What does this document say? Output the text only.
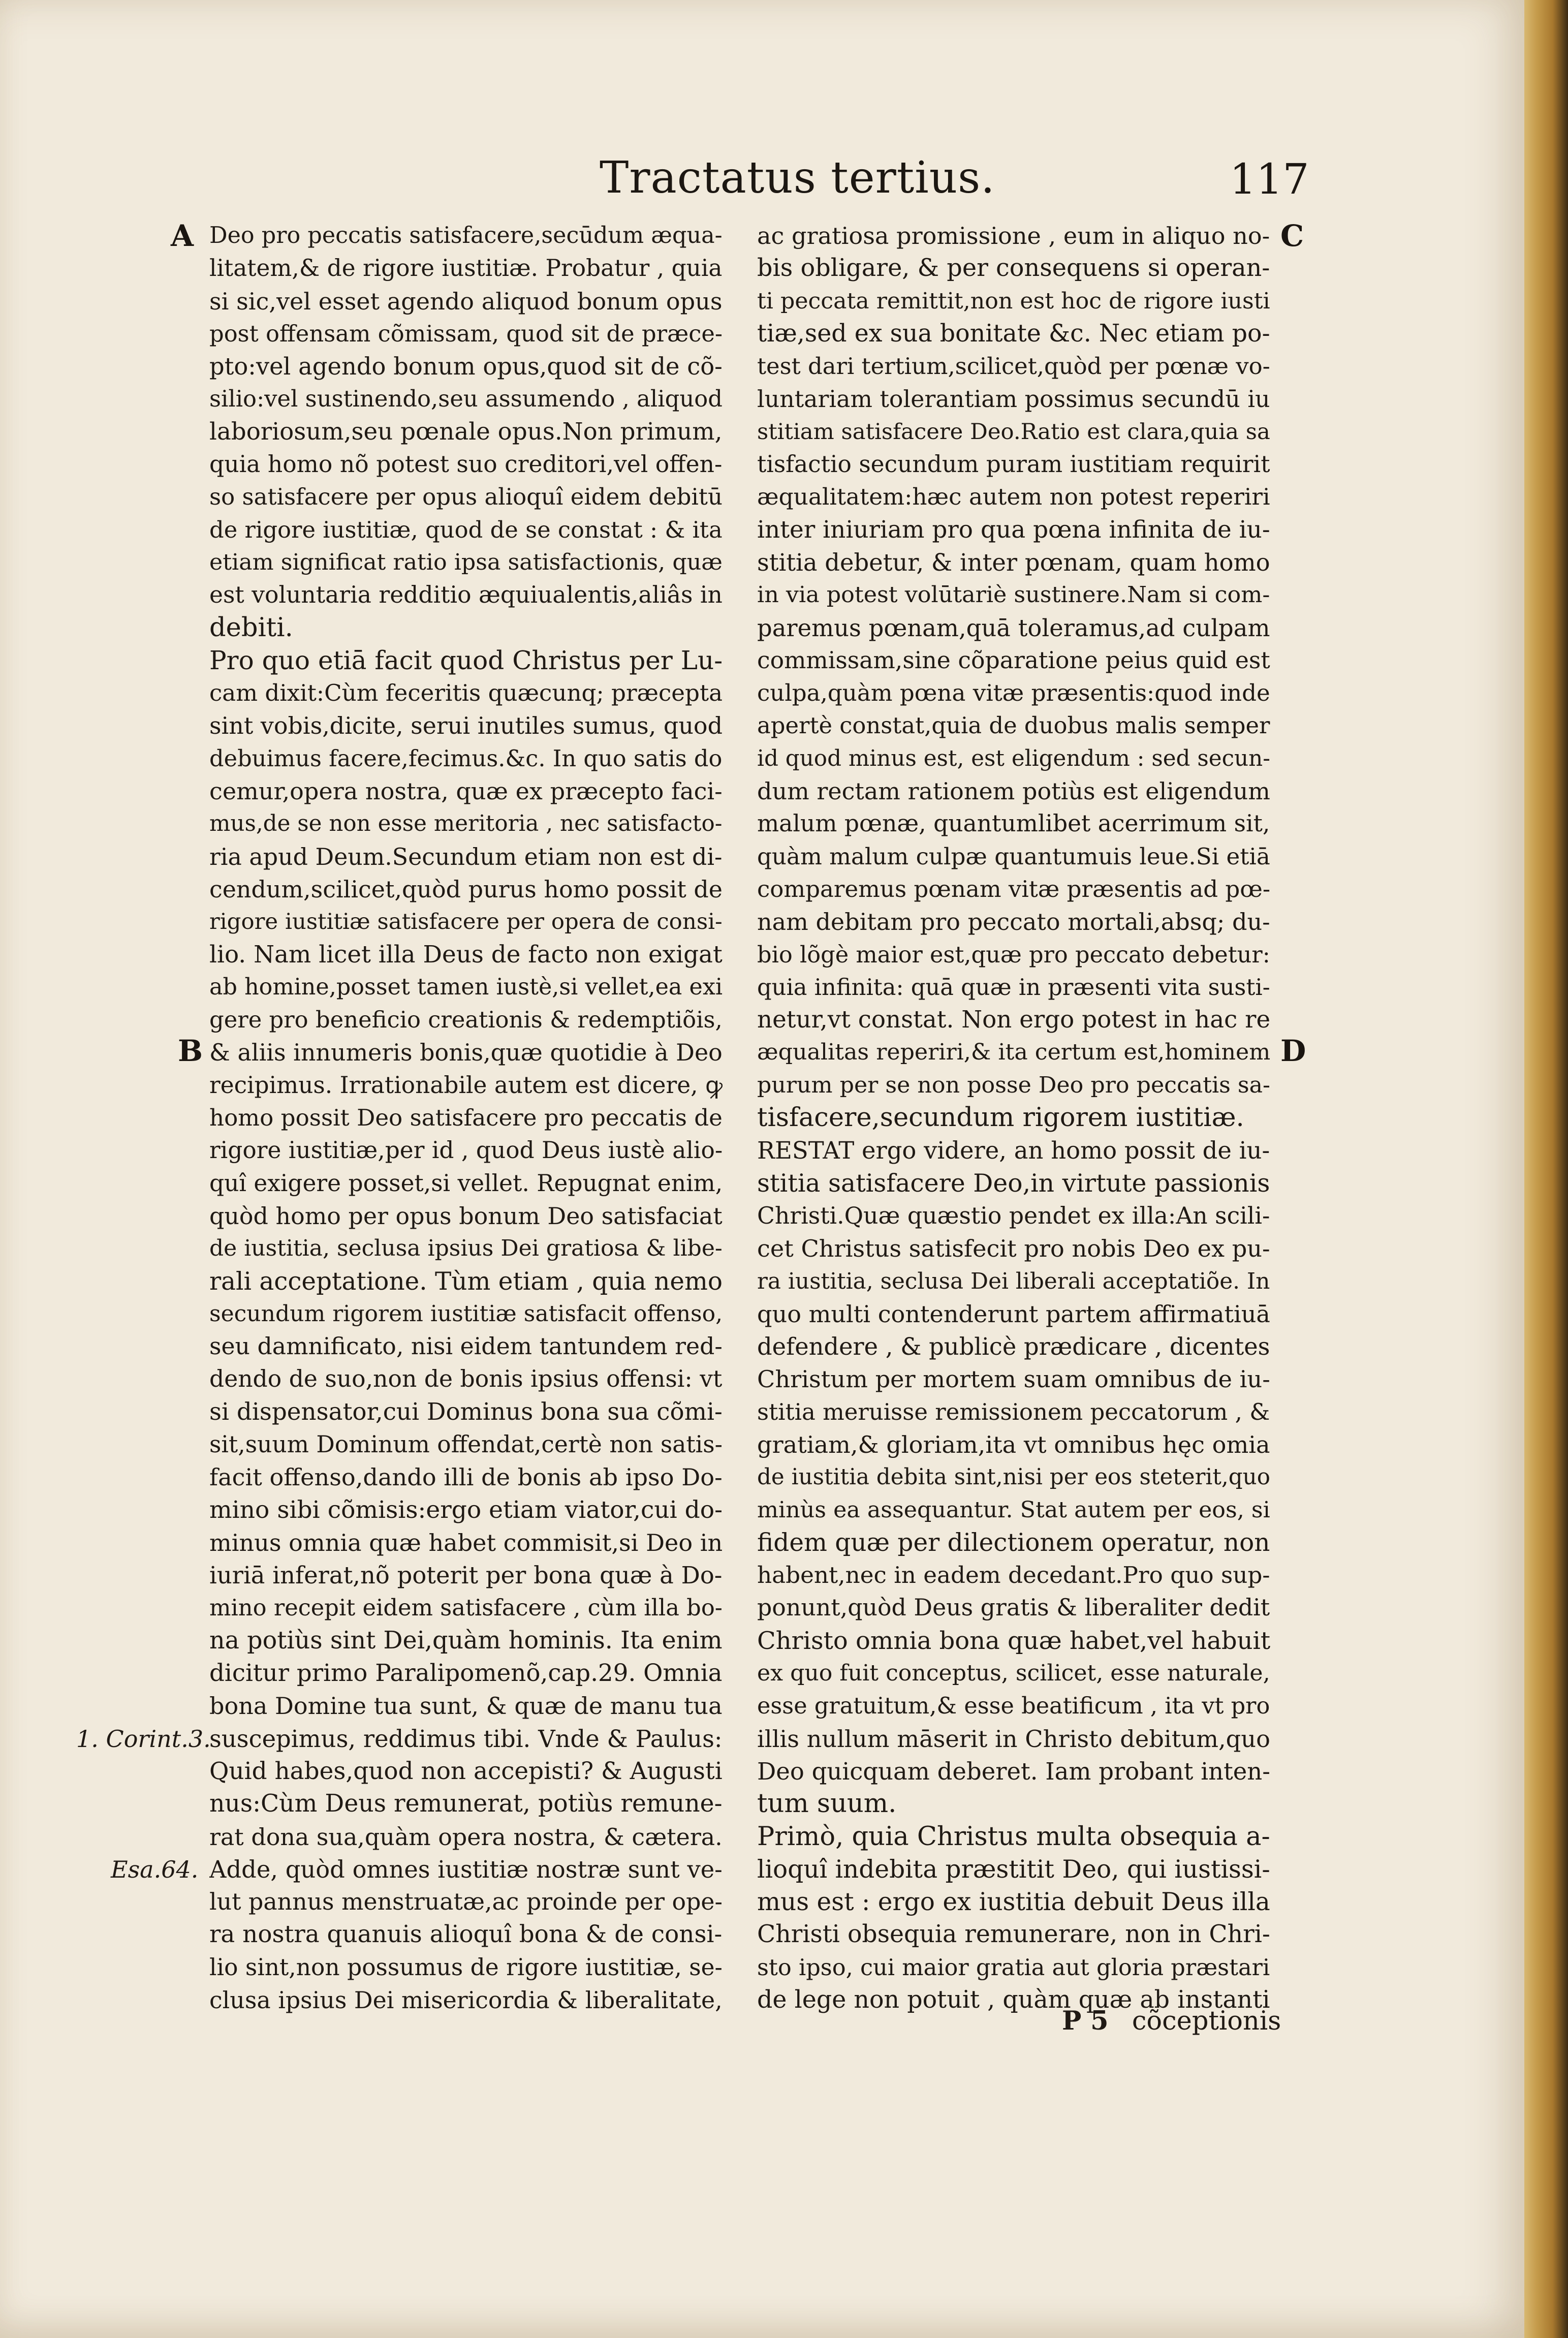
Tractatus tertius.	117
A
B
C
D
1. Corint.3.
Esa.64.
Deo pro peccatis satisfacere,secūdum æqua-
litatem,& de rigore iustitiæ. Probatur , quia
si sic,vel esset agendo aliquod bonum opus
post offensam cõmissam, quod sit de præce-
pto:vel agendo bonum opus,quod sit de cõ-
silio:vel sustinendo,seu assumendo , aliquod
laboriosum,seu pœnale opus.Non primum,
quia homo nõ potest suo creditori,vel offen-
so satisfacere per opus alioquî eidem debitū
de rigore iustitiæ, quod de se constat : & ita
etiam significat ratio ipsa satisfactionis, quæ
est voluntaria redditio æquiualentis,aliâs in
debiti.
Pro quo etiā facit quod Christus per Lu-
cam dixit:Cùm feceritis quæcunq; præcepta
sint vobis,dicite, serui inutiles sumus, quod
debuimus facere,fecimus.&c. In quo satis do
cemur,opera nostra, quæ ex præcepto faci-
mus,de se non esse meritoria , nec satisfacto-
ria apud Deum.Secundum etiam non est di-
cendum,scilicet,quòd purus homo possit de
rigore iustitiæ satisfacere per opera de consi-
lio. Nam licet illa Deus de facto non exigat
ab homine,posset tamen iustè,si vellet,ea exi
gere pro beneficio creationis & redemptiõis,
& aliis innumeris bonis,quæ quotidie à Deo
recipimus. Irrationabile autem est dicere, ꝙ
homo possit Deo satisfacere pro peccatis de
rigore iustitiæ,per id , quod Deus iustè alio-
quî exigere posset,si vellet. Repugnat enim,
quòd homo per opus bonum Deo satisfaciat
de iustitia, seclusa ipsius Dei gratiosa & libe-
rali acceptatione. Tùm etiam , quia nemo
secundum rigorem iustitiæ satisfacit offenso,
seu damnificato, nisi eidem tantundem red-
dendo de suo,non de bonis ipsius offensi: vt
si dispensator,cui Dominus bona sua cõmi-
sit,suum Dominum offendat,certè non satis-
facit offenso,dando illi de bonis ab ipso Do-
mino sibi cõmisis:ergo etiam viator,cui do-
minus omnia quæ habet commisit,si Deo in
iuriā inferat,nõ poterit per bona quæ à Do-
mino recepit eidem satisfacere , cùm illa bo-
na potiùs sint Dei,quàm hominis. Ita enim
dicitur primo Paralipomenõ,cap.29. Omnia
bona Domine tua sunt, & quæ de manu tua
suscepimus, reddimus tibi. Vnde & Paulus:
Quid habes,quod non accepisti? & Augusti
nus:Cùm Deus remunerat, potiùs remune-
rat dona sua,quàm opera nostra, & cætera.
Adde, quòd omnes iustitiæ nostræ sunt ve-
lut pannus menstruatæ,ac proinde per ope-
ra nostra quanuis alioquî bona & de consi-
lio sint,non possumus de rigore iustitiæ, se-
clusa ipsius Dei misericordia & liberalitate,
ac gratiosa promissione , eum in aliquo no-
bis obligare, & per consequens si operan-
ti peccata remittit,non est hoc de rigore iusti
tiæ,sed ex sua bonitate &c. Nec etiam po-
test dari tertium,scilicet,quòd per pœnæ vo-
luntariam tolerantiam possimus secundū iu
stitiam satisfacere Deo.Ratio est clara,quia sa
tisfactio secundum puram iustitiam requirit
æqualitatem:hæc autem non potest reperiri
inter iniuriam pro qua pœna infinita de iu-
stitia debetur, & inter pœnam, quam homo
in via potest volūtariè sustinere.Nam si com-
paremus pœnam,quā toleramus,ad culpam
commissam,sine cõparatione peius quid est
culpa,quàm pœna vitæ præsentis:quod inde
apertè constat,quia de duobus malis semper
id quod minus est, est eligendum : sed secun-
dum rectam rationem potiùs est eligendum
malum pœnæ, quantumlibet acerrimum sit,
quàm malum culpæ quantumuis leue.Si etiā
comparemus pœnam vitæ præsentis ad pœ-
nam debitam pro peccato mortali,absq; du-
bio lõgè maior est,quæ pro peccato debetur:
quia infinita: quā quæ in præsenti vita susti-
netur,vt constat. Non ergo potest in hac re
æqualitas reperiri,& ita certum est,hominem
purum per se non posse Deo pro peccatis sa-
tisfacere,secundum rigorem iustitiæ.
RESTAT ergo videre, an homo possit de iu-
stitia satisfacere Deo,in virtute passionis
Christi.Quæ quæstio pendet ex illa:An scili-
cet Christus satisfecit pro nobis Deo ex pu-
ra iustitia, seclusa Dei liberali acceptatiõe. In
quo multi contenderunt partem affirmatiuā
defendere , & publicè prædicare , dicentes
Christum per mortem suam omnibus de iu-
stitia meruisse remissionem peccatorum , &
gratiam,& gloriam,ita vt omnibus hęc omia
de iustitia debita sint,nisi per eos steterit,quo
minùs ea assequantur. Stat autem per eos, si
fidem quæ per dilectionem operatur, non
habent,nec in eadem decedant.Pro quo sup-
ponunt,quòd Deus gratis & liberaliter dedit
Christo omnia bona quæ habet,vel habuit
ex quo fuit conceptus, scilicet, esse naturale,
esse gratuitum,& esse beatificum , ita vt pro
illis nullum māserit in Christo debitum,quo
Deo quicquam deberet. Iam probant inten-
tum suum.
Primò, quia Christus multa obsequia a-
lioquî indebita præstitit Deo, qui iustissi-
mus est : ergo ex iustitia debuit Deus illa
Christi obsequia remunerare, non in Chri-
sto ipso, cui maior gratia aut gloria præstari
de lege non potuit , quàm quæ ab instanti
P 5 cõceptionis
